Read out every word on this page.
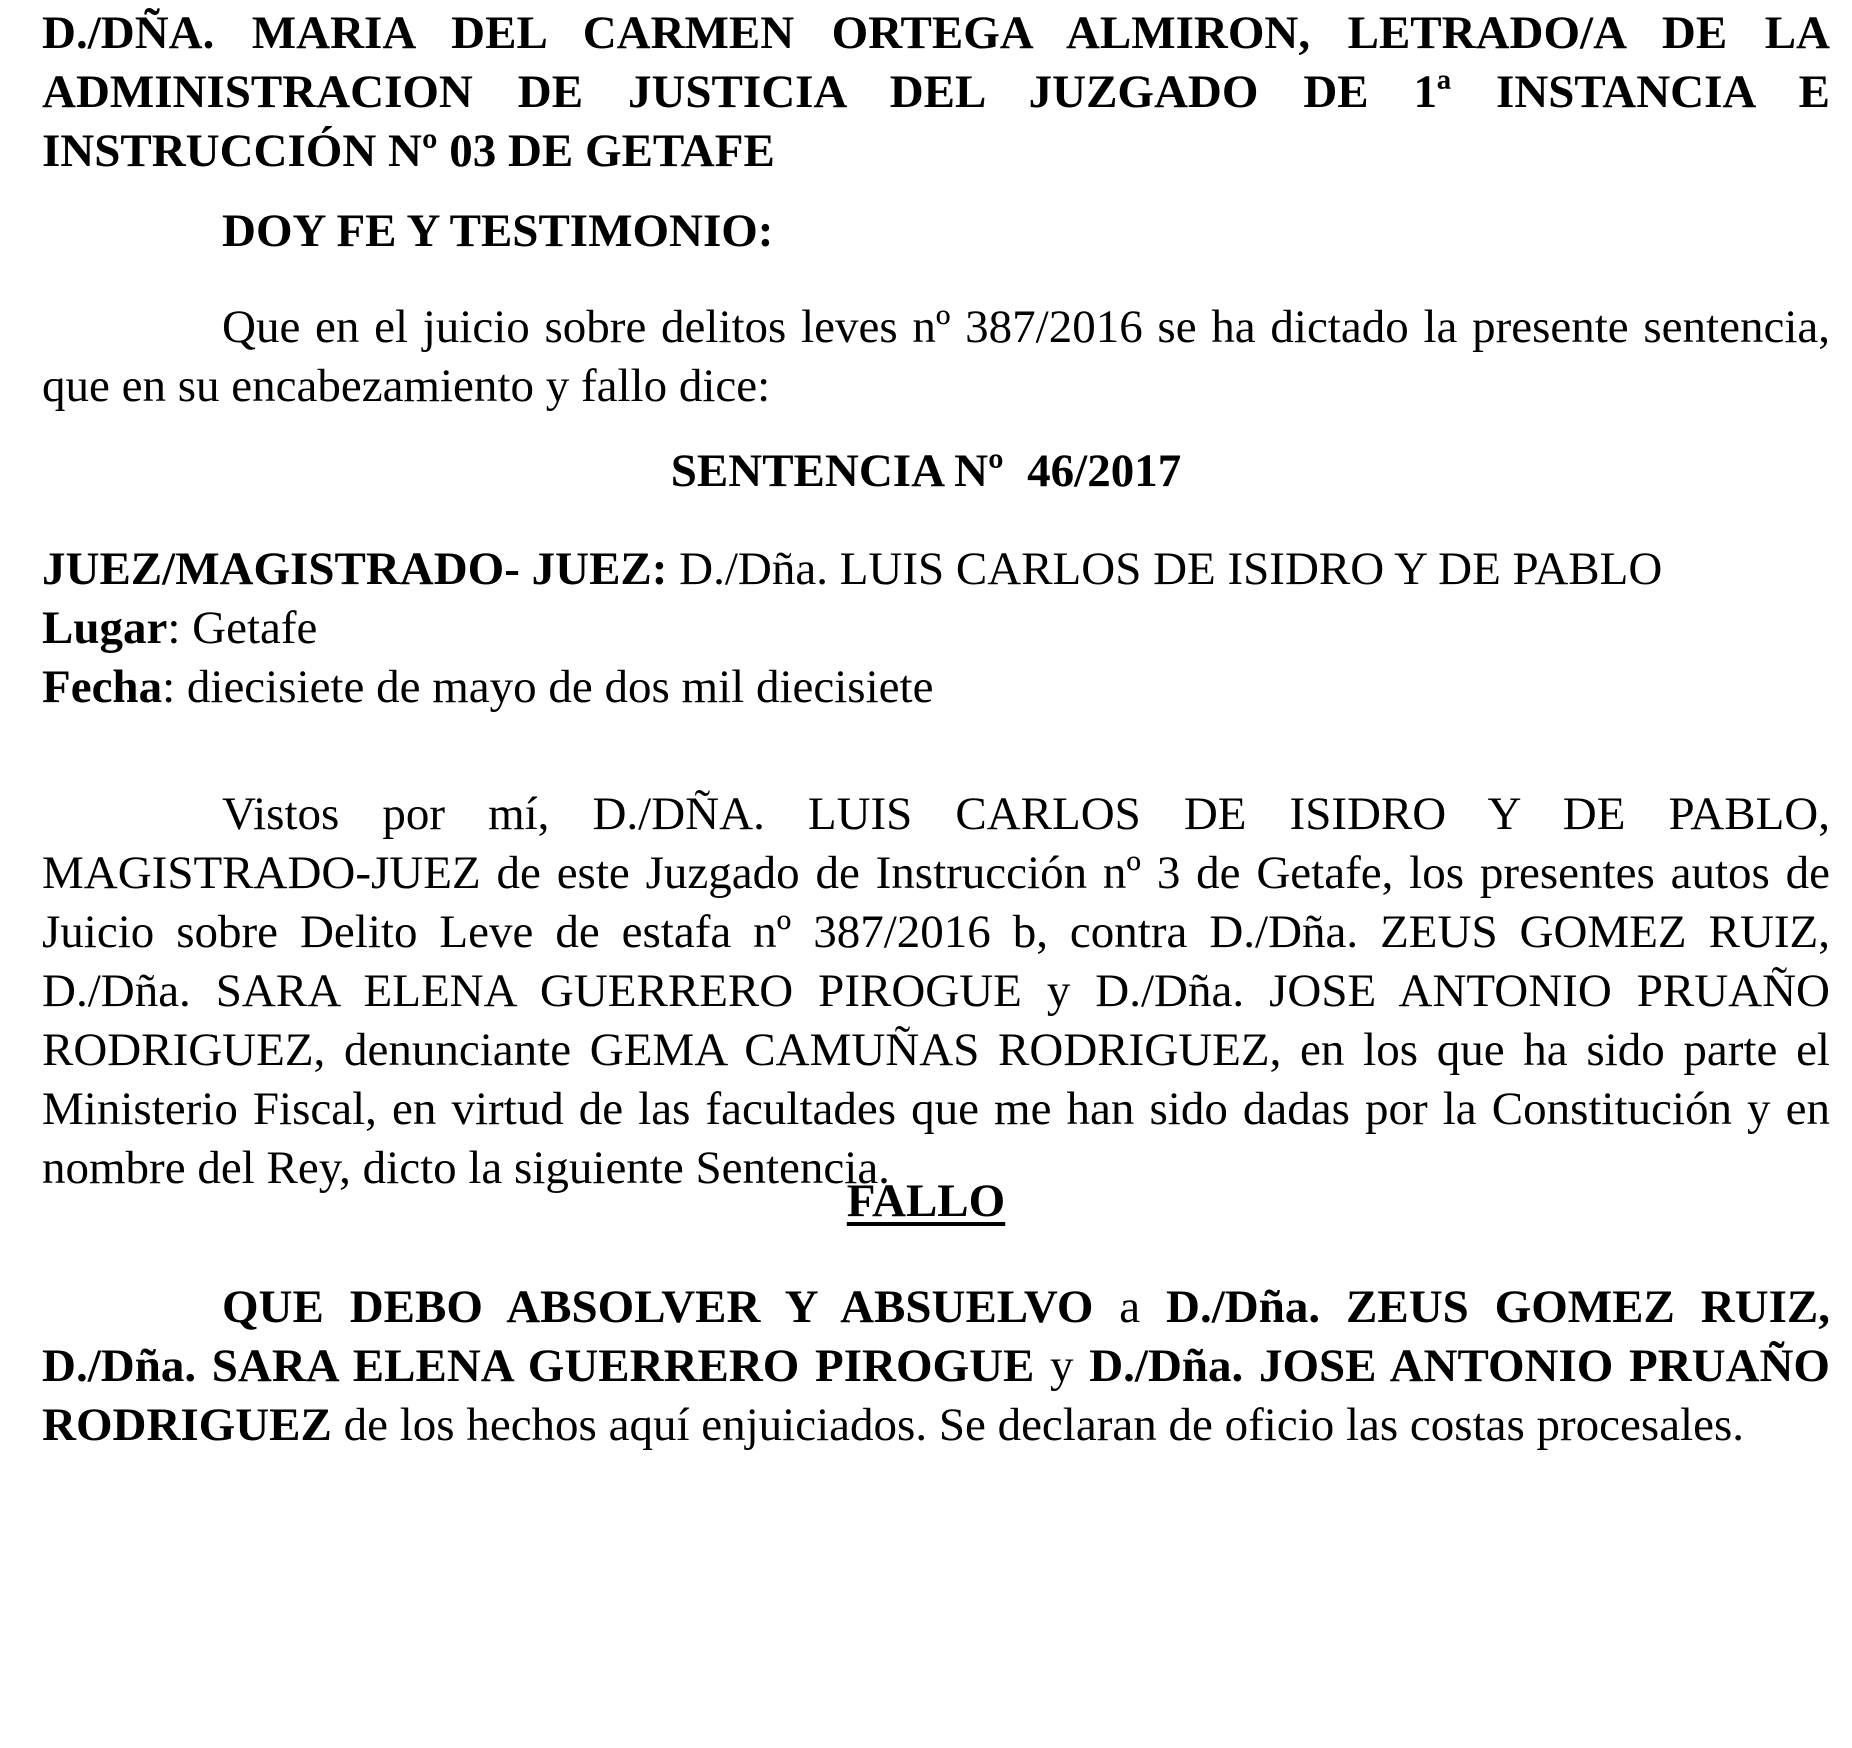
D./DÑA. MARIA DEL CARMEN ORTEGA ALMIRON, LETRADO/A DE LA ADMINISTRACION DE JUSTICIA DEL JUZGADO DE 1ª INSTANCIA E INSTRUCCIÓN Nº 03 DE GETAFE

DOY FE Y TESTIMONIO:

Que en el juicio sobre delitos leves nº 387/2016 se ha dictado la presente sentencia, que en su encabezamiento y fallo dice:

SENTENCIA Nº  46/2017

JUEZ/MAGISTRADO- JUEZ: D./Dña. LUIS CARLOS DE ISIDRO Y DE PABLO
Lugar: Getafe
Fecha: diecisiete de mayo de dos mil diecisiete

Vistos por mí, D./DÑA. LUIS CARLOS DE ISIDRO Y DE PABLO, MAGISTRADO-JUEZ de este Juzgado de Instrucción nº 3 de Getafe, los presentes autos de Juicio sobre Delito Leve de estafa nº 387/2016 b, contra D./Dña. ZEUS GOMEZ RUIZ, D./Dña. SARA ELENA GUERRERO PIROGUE y D./Dña. JOSE ANTONIO PRUAÑO RODRIGUEZ, denunciante GEMA CAMUÑAS RODRIGUEZ, en los que ha sido parte el Ministerio Fiscal, en virtud de las facultades que me han sido dadas por la Constitución y en nombre del Rey, dicto la siguiente Sentencia.

FALLO

QUE DEBO ABSOLVER Y ABSUELVO a D./Dña. ZEUS GOMEZ RUIZ, D./Dña. SARA ELENA GUERRERO PIROGUE y D./Dña. JOSE ANTONIO PRUAÑO RODRIGUEZ de los hechos aquí enjuiciados. Se declaran de oficio las costas procesales.
